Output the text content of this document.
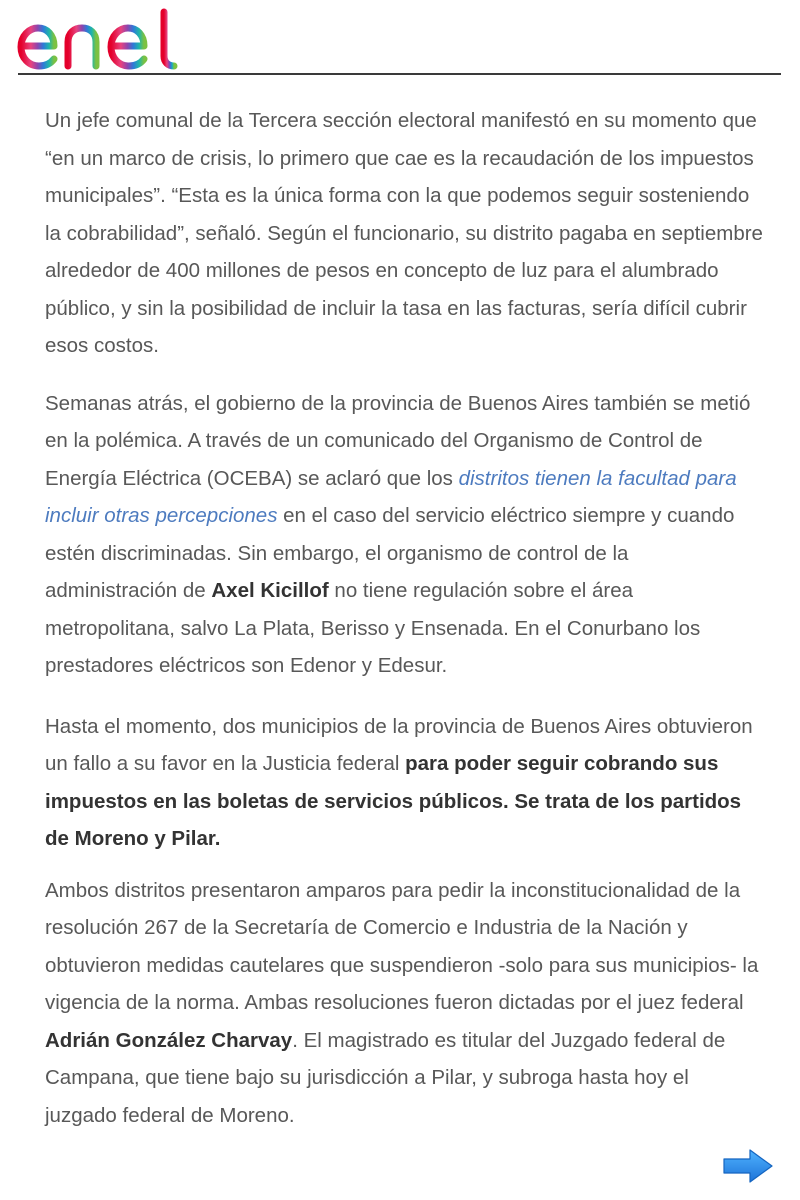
Un jefe comunal de la Tercera sección electoral manifestó en su momento que “en un marco de crisis, lo primero que cae es la recaudación de los impuestos municipales”. “Esta es la única forma con la que podemos seguir sosteniendo la cobrabilidad”, señaló. Según el funcionario, su distrito pagaba en septiembre alrededor de 400 millones de pesos en concepto de luz para el alumbrado público, y sin la posibilidad de incluir la tasa en las facturas, sería difícil cubrir esos costos.

Semanas atrás, el gobierno de la provincia de Buenos Aires también se metió en la polémica. A través de un comunicado del Organismo de Control de Energía Eléctrica (OCEBA) se aclaró que los distritos tienen la facultad para incluir otras percepciones en el caso del servicio eléctrico siempre y cuando estén discriminadas. Sin embargo, el organismo de control de la administración de Axel Kicillof no tiene regulación sobre el área metropolitana, salvo La Plata, Berisso y Ensenada. En el Conurbano los prestadores eléctricos son Edenor y Edesur.

Hasta el momento, dos municipios de la provincia de Buenos Aires obtuvieron un fallo a su favor en la Justicia federal para poder seguir cobrando sus impuestos en las boletas de servicios públicos. Se trata de los partidos de Moreno y Pilar.

Ambos distritos presentaron amparos para pedir la inconstitucionalidad de la resolución 267 de la Secretaría de Comercio e Industria de la Nación y obtuvieron medidas cautelares que suspendieron -solo para sus municipios- la vigencia de la norma. Ambas resoluciones fueron dictadas por el juez federal Adrián González Charvay. El magistrado es titular del Juzgado federal de Campana, que tiene bajo su jurisdicción a Pilar, y subroga hasta hoy el juzgado federal de Moreno.
